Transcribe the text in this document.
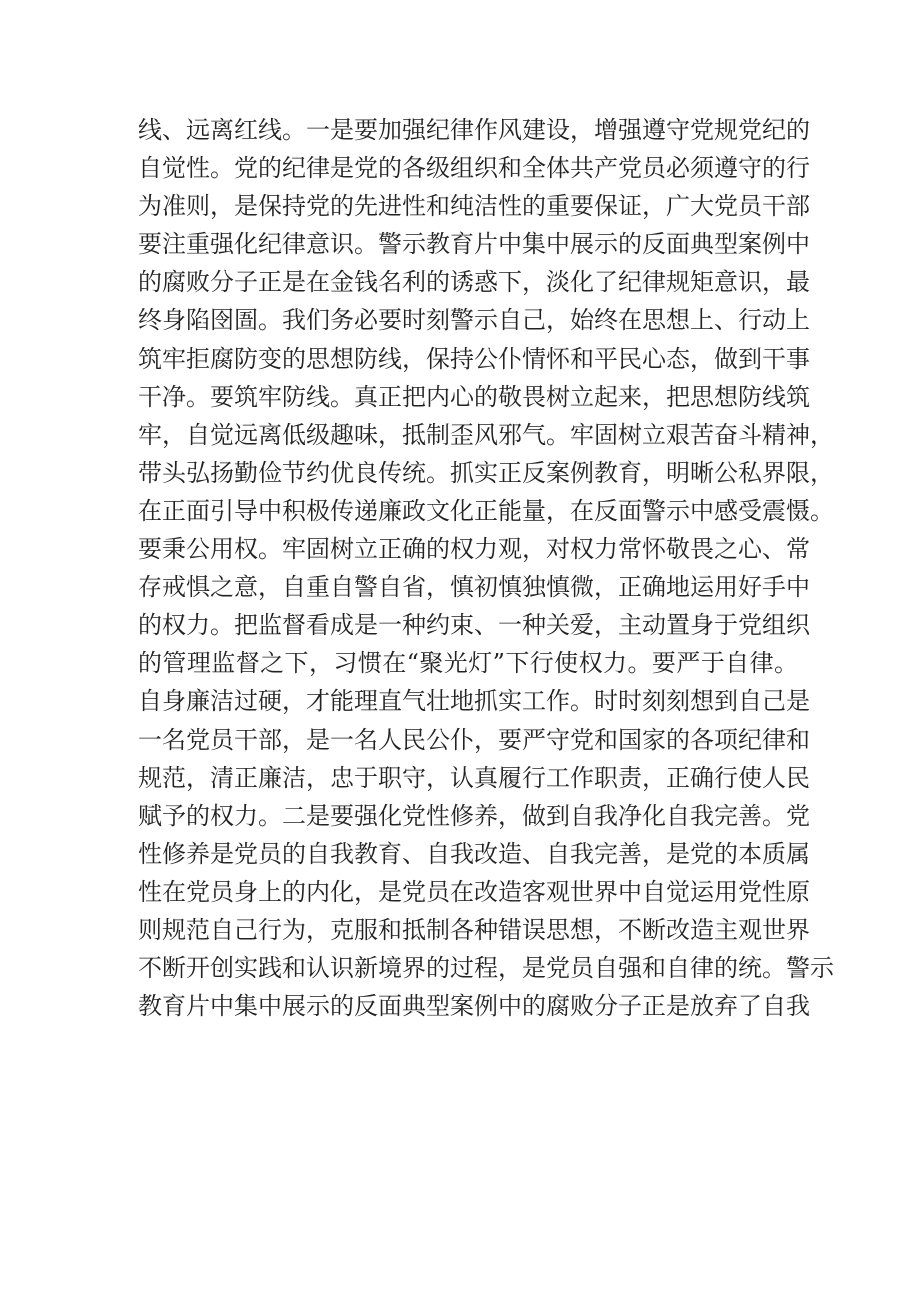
线、远离红线。一是要加强纪律作风建设，增强遵守党规党纪的
自觉性。党的纪律是党的各级组织和全体共产党员必须遵守的行
为准则，是保持党的先进性和纯洁性的重要保证，广大党员干部
要注重强化纪律意识。警示教育片中集中展示的反面典型案例中
的腐败分子正是在金钱名利的诱惑下，淡化了纪律规矩意识，最
终身陷囹圄。我们务必要时刻警示自己，始终在思想上、行动上
筑牢拒腐防变的思想防线，保持公仆情怀和平民心态，做到干事
干净。要筑牢防线。真正把内心的敬畏树立起来，把思想防线筑
牢，自觉远离低级趣味，抵制歪风邪气。牢固树立艰苦奋斗精神，
带头弘扬勤俭节约优良传统。抓实正反案例教育，明晰公私界限，
在正面引导中积极传递廉政文化正能量，在反面警示中感受震慑。
要秉公用权。牢固树立正确的权力观，对权力常怀敬畏之心、常
存戒惧之意，自重自警自省，慎初慎独慎微，正确地运用好手中
的权力。把监督看成是一种约束、一种关爱，主动置身于党组织
的管理监督之下，习惯在“聚光灯”下行使权力。要严于自律。
自身廉洁过硬，才能理直气壮地抓实工作。时时刻刻想到自己是
一名党员干部，是一名人民公仆，要严守党和国家的各项纪律和
规范，清正廉洁，忠于职守，认真履行工作职责，正确行使人民
赋予的权力。二是要强化党性修养，做到自我净化自我完善。党
性修养是党员的自我教育、自我改造、自我完善，是党的本质属
性在党员身上的内化，是党员在改造客观世界中自觉运用党性原
则规范自己行为，克服和抵制各种错误思想，不断改造主观世界
不断开创实践和认识新境界的过程，是党员自强和自律的统。警示
教育片中集中展示的反面典型案例中的腐败分子正是放弃了自我
